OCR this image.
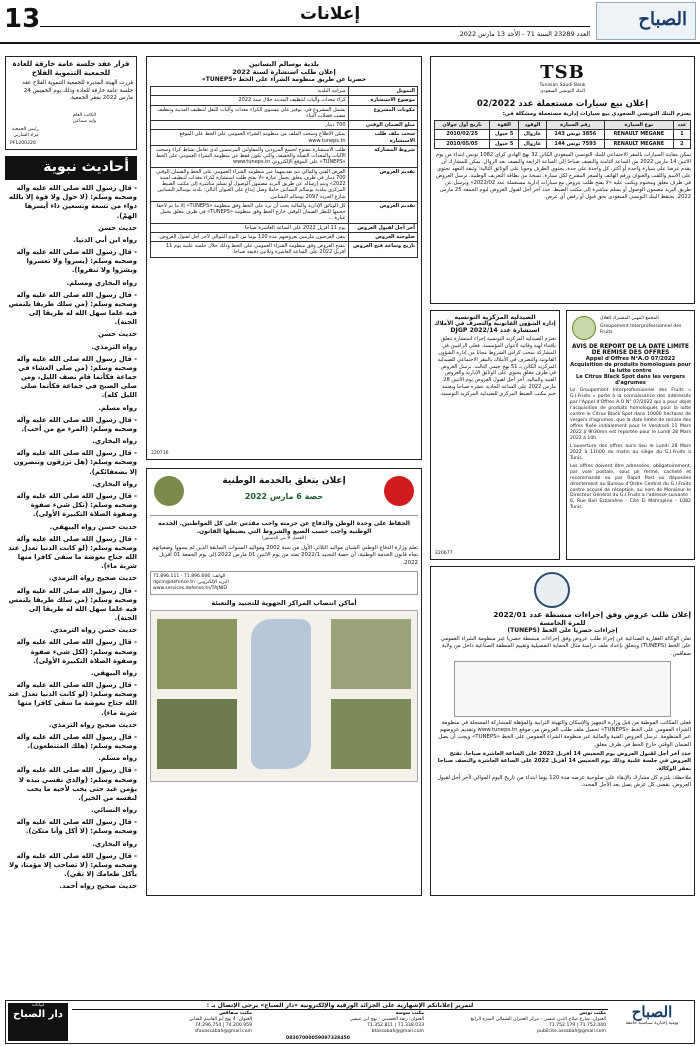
الصباح
إعلانات
العدد 23289 السنة 71 - الأحد 13 مارس 2022
13
قرار عقد جلسة عامة خارقة للعادة للجمعية التنموية الفلاح
قررت الهيئة المديرة للجمعية التنموية الفلاح عقد جلسة عامة خارقة للعادة وذلك يوم الخميس 24 مارس 2022 بمقر الجمعية.
الكاتب العام
وليد صماعي
رئيس الجمعية
مراد الشارني
PF1200226
أحاديث نبوية

- قال رسول الله صلى الله عليه وآله وصحبه وسلم: (لا حول ولا قوة إلا بالله دواء من تسعة وتسعين داء أيسرها الهمّ).

حديث حسن

رواه ابن أبي الدنيا.

- قال رسول الله صلى الله عليه وآله وصحبه وسلم: (يسروا ولا تعسروا وبشروا ولا تنفروا).

رواه البخاري ومسلم.

- قال رسول الله صلى الله عليه وآله وصحبه وسلم: (من سلك طريقا يلتمس فيه علما سهل الله له طريقا إلى الجنة).

حديث حسن

رواه الترمذي.

- قال رسول الله صلى الله عليه وآله وصحبه وسلم: (من صلى العشاء في جماعة فكأنما قام نصف الليل، ومن صلى الصبح في جماعة فكأنما صلى الليل كله).

رواه مسلم.

- قال رسول الله صلى الله عليه وآله وصحبه وسلم: (المرء مع من أحب).

رواه البخاري.

- قال رسول الله صلى الله عليه وآله وصحبه وسلم: (هل ترزقون وتنصرون إلا بضعفائكم).

رواه البخاري.

- قال رسول الله صلى الله عليه وآله وصحبه وسلم: (تكل شيء صفوة وصفوة الصلاة التكبيرة الأولى).

حديث حسن رواه البيهقي.

- قال رسول الله صلى الله عليه وآله وصحبه وسلم: (لو كانت الدنيا تعدل عند الله جناح بعوضة ما سقى كافرا منها شربة ماء).

حديث صحيح رواه الترمذي.

- قال رسول الله صلى الله عليه وآله وصحبه وسلم: (من سلك طريقا يلتمس فيه علما سهل الله له طريقا إلى الجنة).

حديث حسن رواه الترمذي.

- قال رسول الله صلى الله عليه وآله وصحبه وسلم: (لكل شيء صفوة وصفوة الصلاة التكبيرة الأولى).

رواه البيهقي.

- قال رسول الله صلى الله عليه وآله وصحبه وسلم: (لو كانت الدنيا تعدل عند الله جناح بعوضة ما سقى كافرا منها شربة ماء).

حديث صحيح رواه الترمذي.

- قال رسول الله صلى الله عليه وآله وصحبه وسلم: (هلك المتنطعون).

رواه مسلم.

- قال رسول الله صلى الله عليه وآله وصحبه وسلم: (والذي نفسي بيده لا يؤمن عبد حتى يحب لأخيه ما يحب لنفسه من الخير).

رواه النسائي.

- قال رسول الله صلى الله عليه وآله وصحبه وسلم: (لا أكل وأنا متكئ).

رواه البخاري.

- قال رسول الله صلى الله عليه وآله وصحبه وسلم: (لا تصاحب إلا مؤمنا، ولا يأكل طعامك إلا تقي).

حديث صحيح رواه أحمد.

بلدية بوسالم البساتين
إعلان طلب استشارة لسنة 2022
حصريا عن طريق منظومة الشراء على الخط «TUNEPS»
التمويل	ميزانية البلدية
موضوع الاستشارة	كراء معدات وآليات لتنظيف المدينة خلال سنة 2022
مكونات المشروع	يشمل المشروع في: توفير على مستوى الكراء معدات وآليات للنقل لتنظيف المدينة وتنظيف مصب فضلات البناء
مبلغ الضمان الوقتي	700 دينار
سحب ملف طلب الاستشارة	يمكن الاطلاع وسحب الملف من منظومة الشراء العمومي على الخط على الموقع www.tuneps.tn
شروط المشاركة	طلب الاستشارة مفتوح لجميع المزودين والمقاولين المرسمين لدى تعامل نشاط كراء وسحب الآليات والمعدات الثقيلة والخفيفة، والتي تكون فقط عن منظومة الشراء العمومي على الخط «TUNEPS» على الموقع الإلكتروني www.tuneps.tn
تقديم العروض	العرض الفني والمالي يتم تقديمهما عبر منظومة الشراء العمومي على الخط والضمان الوقتي 700 دينار في ظرف مغلق يحمل عبارة «لا يفتح طلب استشارة لكراء معدات لتنظيف لسنة 2022» ويتم إرساله عن طريق البريد مضمون الوصول أو يسلم مباشرة إلى مكتب الضبط المركزي ببلدية بوسالم البساتين حاملا وصل إيداع على العنوان التالي: بلدية بوسالم البساتين شارع الحرية 2097 بوسالم البساتين.
تقديم العروض	كل الوثائق الإدارية والمالية يجب أن ترد على الخط وفق منظومة «TUNEPS» إلا ما تم لاحقا حجمها للنظر الضمان الوقتي خارج الخط وفق منظومة «TUNEPS» في ظرف مغلق يحمل عبارة ...
آخر أجل لقبول العروض	يوم 11 أفريل 2022 على الساعة العاشرة صباحا
صلوحية العروض	يبقى العرضون ملزمين بعروضهم مدة 120 يوما من اليوم الموالي لآخر أجل لقبول العروض.
تاريخ وساعة فتح العروض	تنفتح العروض وفق منظومة الشراء العمومي على الخط وذلك خلال جلسة علنية يوم 11 أفريل 2022 على الساعة العاشرة وثلاثين دقيقة صباحا.
220716
إعلان يتعلق بالخدمة الوطنية
حصة 6 مارس 2022
الحفاظ على وحدة الوطن والدفاع عن حرمته واجب مقدس على كل المواطنين. الخدمة الوطنية واجب حسب الصيغ والشروط التي يضبطها القانون.
(الفصل 9 من الدستور)
تعلم وزارة الدفاع الوطني الشبان مواليد الثلاثي الأول من سنة 2002 ومواليد السنوات السابقة الذين لم يسووا وضعياتهم تجاه قانون الخدمة الوطنية، أن حصة التجنيد 2022/1 تمتد من يوم الاثنين 01 مارس 2022 إلى يوم الجمعة 01 أفريل 2022.
الهاتف: 71.896.666 - 71.896.111
dgcm@defense.tn :البريد الإلكتروني
www.services.defense.tn/TAJNID
أماكن انتصاب المراكز الجهوية للتجنيد والتعبئة
TSB
Tunisian Saudi Bank
البنك التونسي السعودي
إعلان بيع سيارات مستعملة عدد 02/2022
يعتزم البنك التونسي السعودي بيع سيارات إدارية مستعملة ومشكلة في:
عدد	نوع السيارة	رقم السيارة	الوقود	القوة	تاريخ أول جولان
1	RENAULT MEGANE	3856 تونس 143	غازوال	5 خيول	2010/02/25
2	RENAULT MEGANE	7593 تونس 144	غازوال	5 خيول	2010/05/05
يمكن معاينة السيارات بالمقر الاجتماعي للبنك التونسي السعودي الكائن 32 نهج الهادي كراي 1082 تونس ابتداء من يوم الاثنين 14 مارس 2022 من الساعة الثامنة والنصف صباحا إلى الساعة الرابعة والنصف بعد الزوال. يمكن للمشارك أن يقدم عرضا على سيارة واحدة أو أكثر، كل واحدة على حدة. يحتوي الظرف وجوبا على الوثائق التالية: وثيقة التعهد تحتوي على الاسم واللقب والعنوان ورقم الهاتف والسعر المقترح لكل سيارة. نسخة من بطاقة التعريف الوطنية. ترسل العروض في ظرف مغلق ومختوم ويكتب عليه «لا يفتح طلب عروض بيع سيارات إدارية مستعملة عدد 2022/02» ويرسل عن طريق البريد مضمون الوصول أو يسلم مباشرة إلى مكتب الضبط. حدد آخر أجل لقبول العروض ليوم الجمعة 25 مارس 2022. يحتفظ البنك التونسي السعودي بحق قبول أو رفض أي عرض.
الصيدلية المركزية التونسية
إدارة الشؤون القانونية والتصرف في الأملاك
استشارة عدد 2022/14 DJGP
تعتزم الصيدلية المركزية التونسية إجراء استشارة تتعلق بإقتناء لهنة وقائية لأعوان المؤسسة. فعلى الراغبين في المشاركة سحب كراس الشروط مجانا من إدارة الشؤون القانونية والتصرف في الأملاك بالمقر الاجتماعي للصيدلية المركزية الكائن بـ 51 نهج جيمي الثالث. ترسل العروض في ظرف مغلق يحتوي على الوثائق الإدارية والعروض الفنية والمالية. آخر أجل لقبول العروض يوم الاثنين 28 مارس 2022 على الساعة الحادية عشرة صباحا ويعتمد ختم مكتب الضبط المركزي للصيدلية المركزية التونسية.
220677
المجمع المهني المشترك للغلال
Groupement Interprofessionnel des Fruits
AVIS DE REPORT DE LA DATE LIMITE DE REMISE DES OFFRES
Appel d'Offres N°A.O 07/2022
Acquisition de produits homologués pour la lutte contre
Le Citrus Black Spot dans les vergers d'agrumes
Le Groupement Interprofessionnel des Fruits « G.I.Fruits » porte à la connaissance des intéressés par l'Appel d'Offres A.O N° 07/2022 qui a pour objet l'acquisition de produits homologués pour la lutte contre le Citrus Black Spot dans 10000 hectares de vergers d'agrumes, que la date limite de remise des offres fixée initialement pour le Vendredi 11 Mars 2022 à 9h30mn est reportée pour le Lundi 28 Mars 2022 à 10h.
L'ouverture des offres aura lieu le Lundi 28 Mars 2022 à 11h00 du matin au siège du G.I.Fruits à Tunis.
Les offres doivent être adressées, obligatoirement, par voie postale, sous pli fermé, cacheté et recommandé ou par Rapid Post ou déposées directement au Bureau d'Ordre Central du G.I.Fruits contre accusé de réception, au nom de Monsieur le Directeur Général du G.I.Fruits à l'adresse suivante : 6, Rue Baïl Ezzamène - Cité El Mahrajène - 1082 Tunis.
إعلان طلب عروض وفق إجراءات مبسطة عدد 2022/01
للمرة الخامسة
إجراءات حصريا على الخط (TUNEPS)
تعلن الوكالة العقارية الصناعية عن إجراء طلب عروض وفق إجراءات مبسطة حصريا عبر منظومة الشراء العمومي على الخط (TUNEPS) ويتعلق بإعداد ملف دراسة مثال الحماية التفصيلية وتقييم المنطقة الصناعية داخل من ولاية صفاقس.
فعلى المكاتب الموطنة من قبل وزارة التجهيز والإسكان والتهيئة الترابية والمؤهلة للمشاركة المسجلة في منظومة الشراء العمومي على الخط «TUNEPS» تحميل ملف طلب العروض من موقع www.tuneps.tn وتقديم عروضهم عبر المنظومة. ترسل العروض الفنية والمالية عبر منظومة الشراء العمومي على الخط «TUNEPS» ويجب أن يصل الضمان الوقتي خارج الخط في ظرف مغلق.
حدد آخر أجل لقبول العروض يوم الخميس 14 أفريل 2022 على الساعة العاشرة صباحا. تفتح العروض في جلسة علنية وذلك يوم الخميس 14 أفريل 2022 على الساعة العاشرة والنصف صباحا بمقر الوكالة.
ملاحظة: يلتزم كل مشارك بالإبقاء على صلوحية عرضه مدة 120 يوما ابتداء من تاريخ اليوم الموالي لآخر أجل لقبول العروض. يقصى كل عرض يصل بعد الأجل المحدد.
الصباح
يومية إخبارية سياسية جامعة
لبيانات
دار الصباح
لتمرير إعلاناتكم الإشهارية على الجرائد الورقية والإلكترونية «دار الصباح» يرجى الإتصال بـ :
مكتب تونس
العنوان: شارع صلاح الدين عيسى - مركز العمران الشمالي المنزه الرابع
71.752.179 | 71.752.440
publicite.assabah@gmail.com
مكتب سوسة
العنوان: زنقة الحسيني - نهج ابن عيسى
71.352.811 | 71.338.033
btassabah@gmail.com
مكتب صفاقس
العنوان: 4 نهج أبو القاسم الشابي
74.296.754 | 74.200.959
sfaxassabah@gmail.com
08307000059097328450
